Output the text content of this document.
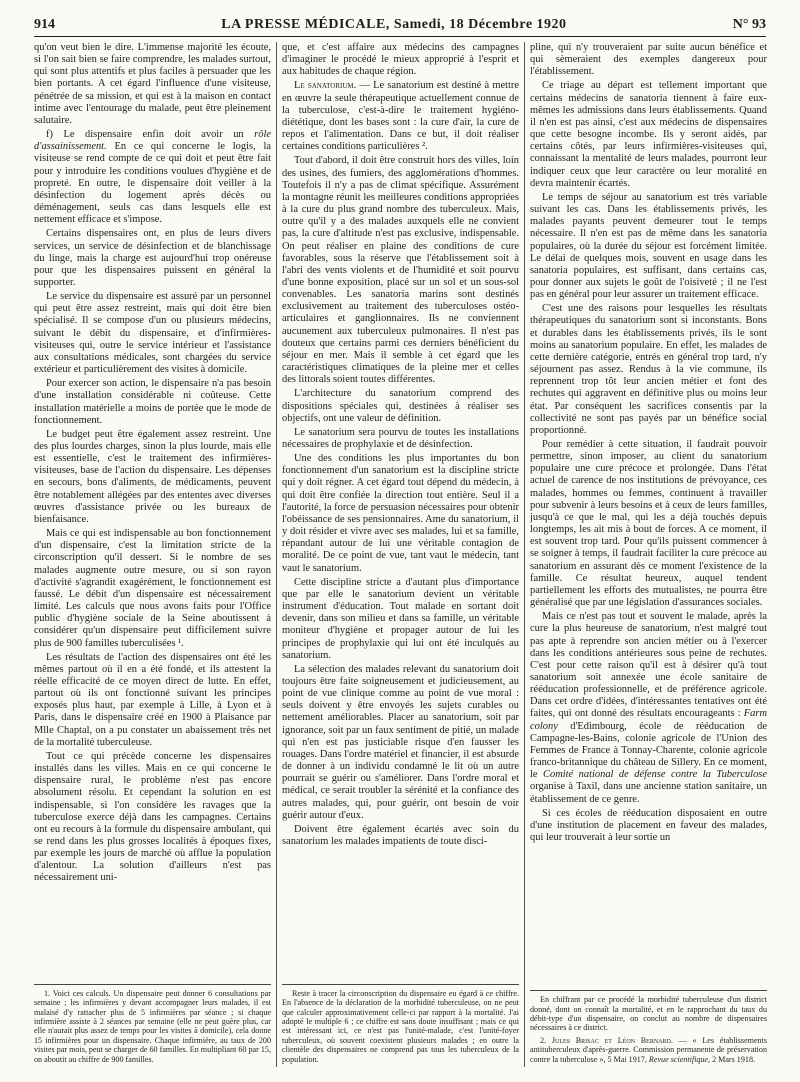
914	LA PRESSE MÉDICALE, Samedi, 18 Décembre 1920	N° 93

qu'on veut bien le dire. L'immense majorité les écoute, si l'on sait bien se faire comprendre, les malades surtout, qui sont plus attentifs et plus faciles à persuader que les bien portants. A cet égard l'influence d'une visiteuse, pénétrée de sa mission, et qui est à la maison en contact intime avec l'entourage du malade, peut être pleinement salutaire.

f) Le dispensaire enfin doit avoir un rôle d'assainissement. En ce qui concerne le logis, la visiteuse se rend compte de ce qui doit et peut être fait pour y introduire les conditions voulues d'hygiène et de propreté. En outre, le dispensaire doit veiller à la désinfection du logement après décès ou déménagement, seuls cas dans lesquels elle est nettement efficace et s'impose.

Certains dispensaires ont, en plus de leurs divers services, un service de désinfection et de blanchissage du linge, mais la charge est aujourd'hui trop onéreuse pour que les dispensaires puissent en général la supporter.

Le service du dispensaire est assuré par un personnel qui peut être assez restreint, mais qui doit être bien spécialisé. Il se compose d'un ou plusieurs médecins, suivant le débit du dispensaire, et d'infirmières-visiteuses qui, outre le service intérieur et l'assistance aux consultations médicales, sont chargées du service extérieur et particulièrement des visites à domicile.

Pour exercer son action, le dispensaire n'a pas besoin d'une installation considérable ni coûteuse. Cette installation matérielle a moins de portée que le mode de fonctionnement.

Le budget peut être également assez restreint. Une des plus lourdes charges, sinon la plus lourde, mais elle est essentielle, c'est le traitement des infirmières-visiteuses, base de l'action du dispensaire. Les dépenses en secours, bons d'aliments, de médicaments, peuvent être notablement allégées par des ententes avec diverses œuvres d'assistance privée ou les bureaux de bienfaisance.

Mais ce qui est indispensable au bon fonctionnement d'un dispensaire, c'est la limitation stricte de la circonscription qu'il dessert. Si le nombre de ses malades augmente outre mesure, ou si son rayon d'activité s'agrandit exagérément, le fonctionnement est faussé. Le débit d'un dispensaire est nécessairement limité. Les calculs que nous avons faits pour l'Office public d'hygiène sociale de la Seine aboutissent à considérer qu'un dispensaire peut difficilement suivre plus de 900 familles tuberculisées ¹.

Les résultats de l'action des dispensaires ont été les mêmes partout où il en a été fondé, et ils attestent la réelle efficacité de ce moyen direct de lutte. En effet, partout où ils ont fonctionné suivant les principes exposés plus haut, par exemple à Lille, à Lyon et à Paris, dans le dispensaire créé en 1900 à Plaisance par Mlle Chaptal, on a pu constater un abaissement très net de la mortalité tuberculeuse.

Tout ce qui précède concerne les dispensaires installés dans les villes. Mais en ce qui concerne le dispensaire rural, le problème n'est pas encore absolument résolu. Et cependant la solution en est indispensable, si l'on considère les ravages que la tuberculose exerce déjà dans les campagnes. Certains ont eu recours à la formule du dispensaire ambulant, qui se rend dans les plus grosses localités à époques fixes, par exemple les jours de marché où afflue la population d'alentour. La solution d'ailleurs n'est pas nécessairement uni-

1. Voici ces calculs. Un dispensaire peut donner 6 consultations par semaine ; les infirmières y devant accompagner leurs malades, il est malaisé d'y rattacher plus de 5 infirmières par séance ; si chaque infirmière assiste à 2 séances par semaine (elle ne peut guère plus, car elle n'aurait plus assez de temps pour les visites à domicile), cela donne 15 infirmières pour un dispensaire. Chaque infirmière, au taux de 200 visites par mois, peut se charger de 60 familles. En multipliant 60 par 15, on aboutit au chiffre de 900 familles.

que, et c'est affaire aux médecins des campagnes d'imaginer le procédé le mieux approprié à l'esprit et aux habitudes de chaque région.

Le sanatorium. — Le sanatorium est destiné à mettre en œuvre la seule thérapeutique actuellement connue de la tuberculose, c'est-à-dire le traitement hygiéno-diététique, dont les bases sont : la cure d'air, la cure de repos et l'alimentation. Dans ce but, il doit réaliser certaines conditions particulières ².

Tout d'abord, il doit être construit hors des villes, loin des usines, des fumiers, des agglomérations d'hommes. Toutefois il n'y a pas de climat spécifique. Assurément la montagne réunit les meilleures conditions appropriées à la cure du plus grand nombre des tuberculeux. Mais, outre qu'il y a des malades auxquels elle ne convient pas, la cure d'altitude n'est pas exclusive, indispensable. On peut réaliser en plaine des conditions de cure favorables, sous la réserve que l'établissement soit à l'abri des vents violents et de l'humidité et soit pourvu d'une bonne exposition, placé sur un sol et un sous-sol convenables. Les sanatoria marins sont destinés exclusivement au traitement des tuberculoses ostéo-articulaires et ganglionnaires. Ils ne conviennent aucunement aux tuberculeux pulmonaires. Il n'est pas douteux que certains parmi ces derniers bénéficient du séjour en mer. Mais il semble à cet égard que les caractéristiques climatiques de la pleine mer et celles des littorals soient toutes différentes.

L'architecture du sanatorium comprend des dispositions spéciales qui, destinées à réaliser ses objectifs, ont une valeur de définition.

Le sanatorium sera pourvu de toutes les installations nécessaires de prophylaxie et de désinfection.

Une des conditions les plus importantes du bon fonctionnement d'un sanatorium est la discipline stricte qui y doit régner. A cet égard tout dépend du médecin, à qui doit être confiée la direction tout entière. Seul il a l'autorité, la force de persuasion nécessaires pour obtenir l'obéissance de ses pensionnaires. Ame du sanatorium, il y doit résider et vivre avec ses malades, lui et sa famille, répandant autour de lui une véritable contagion de moralité. De ce point de vue, tant vaut le médecin, tant vaut le sanatorium.

Cette discipline stricte a d'autant plus d'importance que par elle le sanatorium devient un véritable instrument d'éducation. Tout malade en sortant doit devenir, dans son milieu et dans sa famille, un véritable moniteur d'hygiène et propager autour de lui les principes de prophylaxie qui lui ont été inculqués au sanatorium.

La sélection des malades relevant du sanatorium doit toujours être faite soigneusement et judicieusement, au point de vue clinique comme au point de vue moral : seuls doivent y être envoyés les sujets curables ou nettement améliorables. Placer au sanatorium, soit par ignorance, soit par un faux sentiment de pitié, un malade qui n'en est pas justiciable risque d'en fausser les rouages. Dans l'ordre matériel et financier, il est absurde de donner à un individu condamné le lit où un autre pourrait se guérir ou s'améliorer. Dans l'ordre moral et médical, ce serait troubler la sérénité et la confiance des autres malades, qui, pour guérir, ont besoin de voir guérir autour d'eux.

Doivent être également écartés avec soin du sanatorium les malades impatients de toute disci-

Reste à tracer la circonscription du dispensaire eu égard à ce chiffre. En l'absence de la déclaration de la morbidité tuberculeuse, on ne peut que calculer approximativement celle-ci par rapport à la mortalité. J'ai adopté le multiple 6 ; ce chiffre est sans doute insuffisant ; mais ce qui est intéressant ici, ce n'est pas l'unité-malade, c'est l'unité-foyer tuberculeux, où souvent coexistent plusieurs malades ; en outre la clientèle des dispensaires ne comprend pas tous les tuberculeux de la population.

pline, qui n'y trouveraient par suite aucun bénéfice et qui sèmeraient des exemples dangereux pour l'établissement.

Ce triage au départ est tellement important que certains médecins de sanatoria tiennent à faire eux-mêmes les admissions dans leurs établissements. Quand il n'en est pas ainsi, c'est aux médecins de dispensaires que cette besogne incombe. Ils y seront aidés, par certains côtés, par leurs infirmières-visiteuses qui, connaissant la mentalité de leurs malades, pourront leur indiquer ceux que leur caractère ou leur moralité en devra maintenir écartés.

Le temps de séjour au sanatorium est très variable suivant les cas. Dans les établissements privés, les malades payants peuvent demeurer tout le temps nécessaire. Il n'en est pas de même dans les sanatoria populaires, où la durée du séjour est forcément limitée. Le délai de quelques mois, souvent en usage dans les sanatoria populaires, est suffisant, dans certains cas, pour donner aux sujets le goût de l'oisiveté ; il ne l'est pas en général pour leur assurer un traitement efficace.

C'est une des raisons pour lesquelles les résultats thérapeutiques du sanatorium sont si inconstants. Bons et durables dans les établissements privés, ils le sont moins au sanatorium populaire. En effet, les malades de cette dernière catégorie, entrés en général trop tard, n'y séjournent pas assez. Rendus à la vie commune, ils reprennent trop tôt leur ancien métier et font des rechutes qui aggravent en définitive plus ou moins leur état. Par conséquent les sacrifices consentis par la collectivité ne sont pas payés par un bénéfice social proportionné.

Pour remédier à cette situation, il faudrait pouvoir permettre, sinon imposer, au client du sanatorium populaire une cure précoce et prolongée. Dans l'état actuel de carence de nos institutions de prévoyance, ces malades, hommes ou femmes, continuent à travailler pour subvenir à leurs besoins et à ceux de leurs familles, jusqu'à ce que le mal, qui les a déjà touchés depuis longtemps, les ait mis à bout de forces. A ce moment, il est souvent trop tard. Pour qu'ils puissent commencer à se soigner à temps, il faudrait faciliter la cure précoce au sanatorium en assurant dès ce moment l'existence de la famille. Ce résultat heureux, auquel tendent partiellement les efforts des mutualistes, ne pourra être généralisé que par une législation d'assurances sociales.

Mais ce n'est pas tout et souvent le malade, après la cure la plus heureuse de sanatorium, n'est malgré tout pas apte à reprendre son ancien métier ou à l'exercer dans les conditions antérieures sous peine de rechutes. C'est pour cette raison qu'il est à désirer qu'à tout sanatorium soit annexée une école sanitaire de rééducation professionnelle, et de préférence agricole. Dans cet ordre d'idées, d'intéressantes tentatives ont été faites, qui ont donné des résultats encourageants : Farm colony d'Edimbourg, école de rééducation de Campagne-les-Bains, colonie agricole de l'Union des Femmes de France à Tonnay-Charente, colonie agricole franco-britannique du château de Sillery. En ce moment, le Comité national de défense contre la Tuberculose organise à Taxil, dans une ancienne station sanitaire, un établissement de ce genre.

Si ces écoles de rééducation disposaient en outre d'une institution de placement en faveur des malades, qui leur trouverait à leur sortie un

En chiffrant par ce procédé la morbidité tuberculeuse d'un district donné, dont on connaît la mortalité, et en le rapprochant du taux du débit-type d'un dispensaire, on conclut au nombre de dispensaires nécessaires à ce district.

2. Jules Brisac et Léon Bernard. — « Les établissements antituberculeux d'après-guerre. Commission permanente de préservation contre la tuberculose », 5 Mai 1917, Revue scientifique, 2 Mars 1918.
